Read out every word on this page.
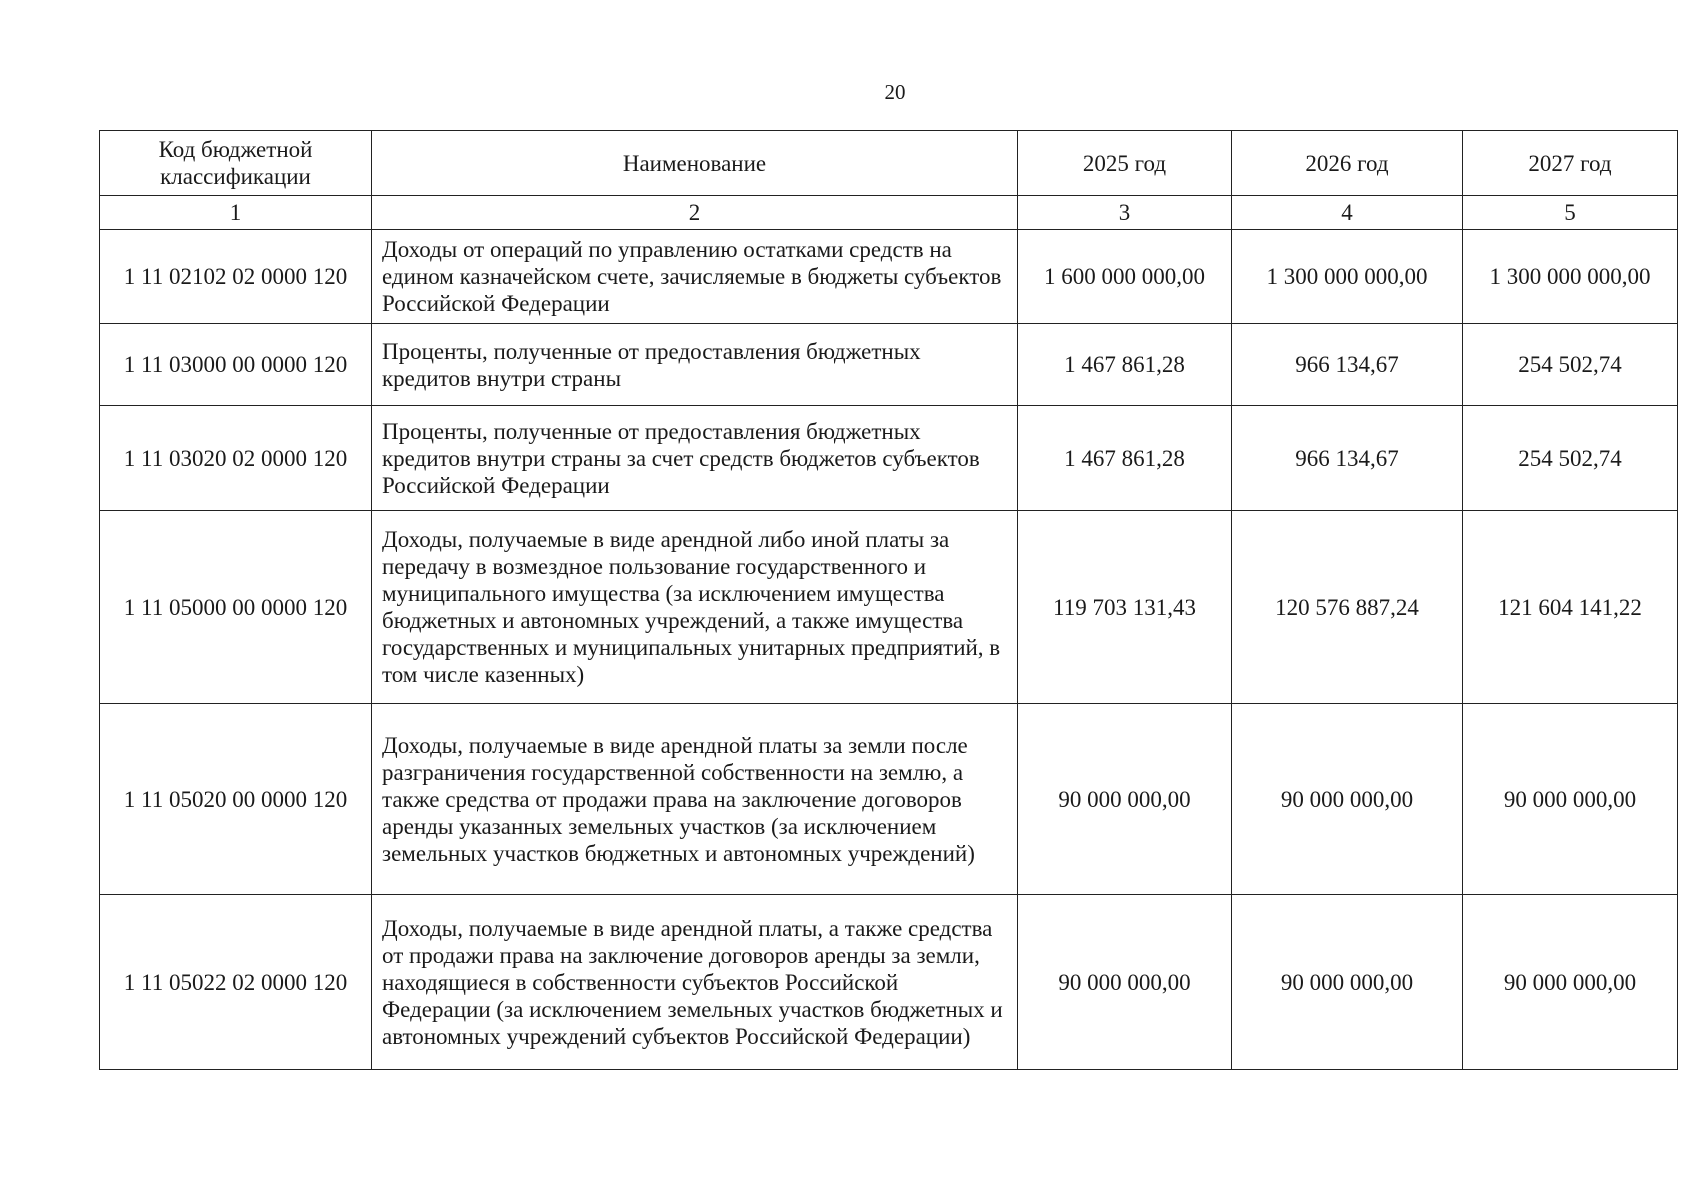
20
Код бюджетной классификации	Наименование	2025 год	2026 год	2027 год
1	2	3	4	5
1 11 02102 02 0000 120	Доходы от операций по управлению остатками средств на едином казначейском счете, зачисляемые в бюджеты субъектов Российской Федерации	1 600 000 000,00	1 300 000 000,00	1 300 000 000,00
1 11 03000 00 0000 120	Проценты, полученные от предоставления бюджетных кредитов внутри страны	1 467 861,28	966 134,67	254 502,74
1 11 03020 02 0000 120	Проценты, полученные от предоставления бюджетных кредитов внутри страны за счет средств бюджетов субъектов Российской Федерации	1 467 861,28	966 134,67	254 502,74
1 11 05000 00 0000 120	Доходы, получаемые в виде арендной либо иной платы за передачу в возмездное пользование государственного и муниципального имущества (за исключением имущества бюджетных и автономных учреждений, а также имущества государственных и муниципальных унитарных предприятий, в том числе казенных)	119 703 131,43	120 576 887,24	121 604 141,22
1 11 05020 00 0000 120	Доходы, получаемые в виде арендной платы за земли после разграничения государственной собственности на землю, а также средства от продажи права на заключение договоров аренды указанных земельных участков (за исключением земельных участков бюджетных и автономных учреждений)	90 000 000,00	90 000 000,00	90 000 000,00
1 11 05022 02 0000 120	Доходы, получаемые в виде арендной платы, а также средства от продажи права на заключение договоров аренды за земли, находящиеся в собственности субъектов Российской Федерации (за исключением земельных участков бюджетных и автономных учреждений субъектов Российской Федерации)	90 000 000,00	90 000 000,00	90 000 000,00
